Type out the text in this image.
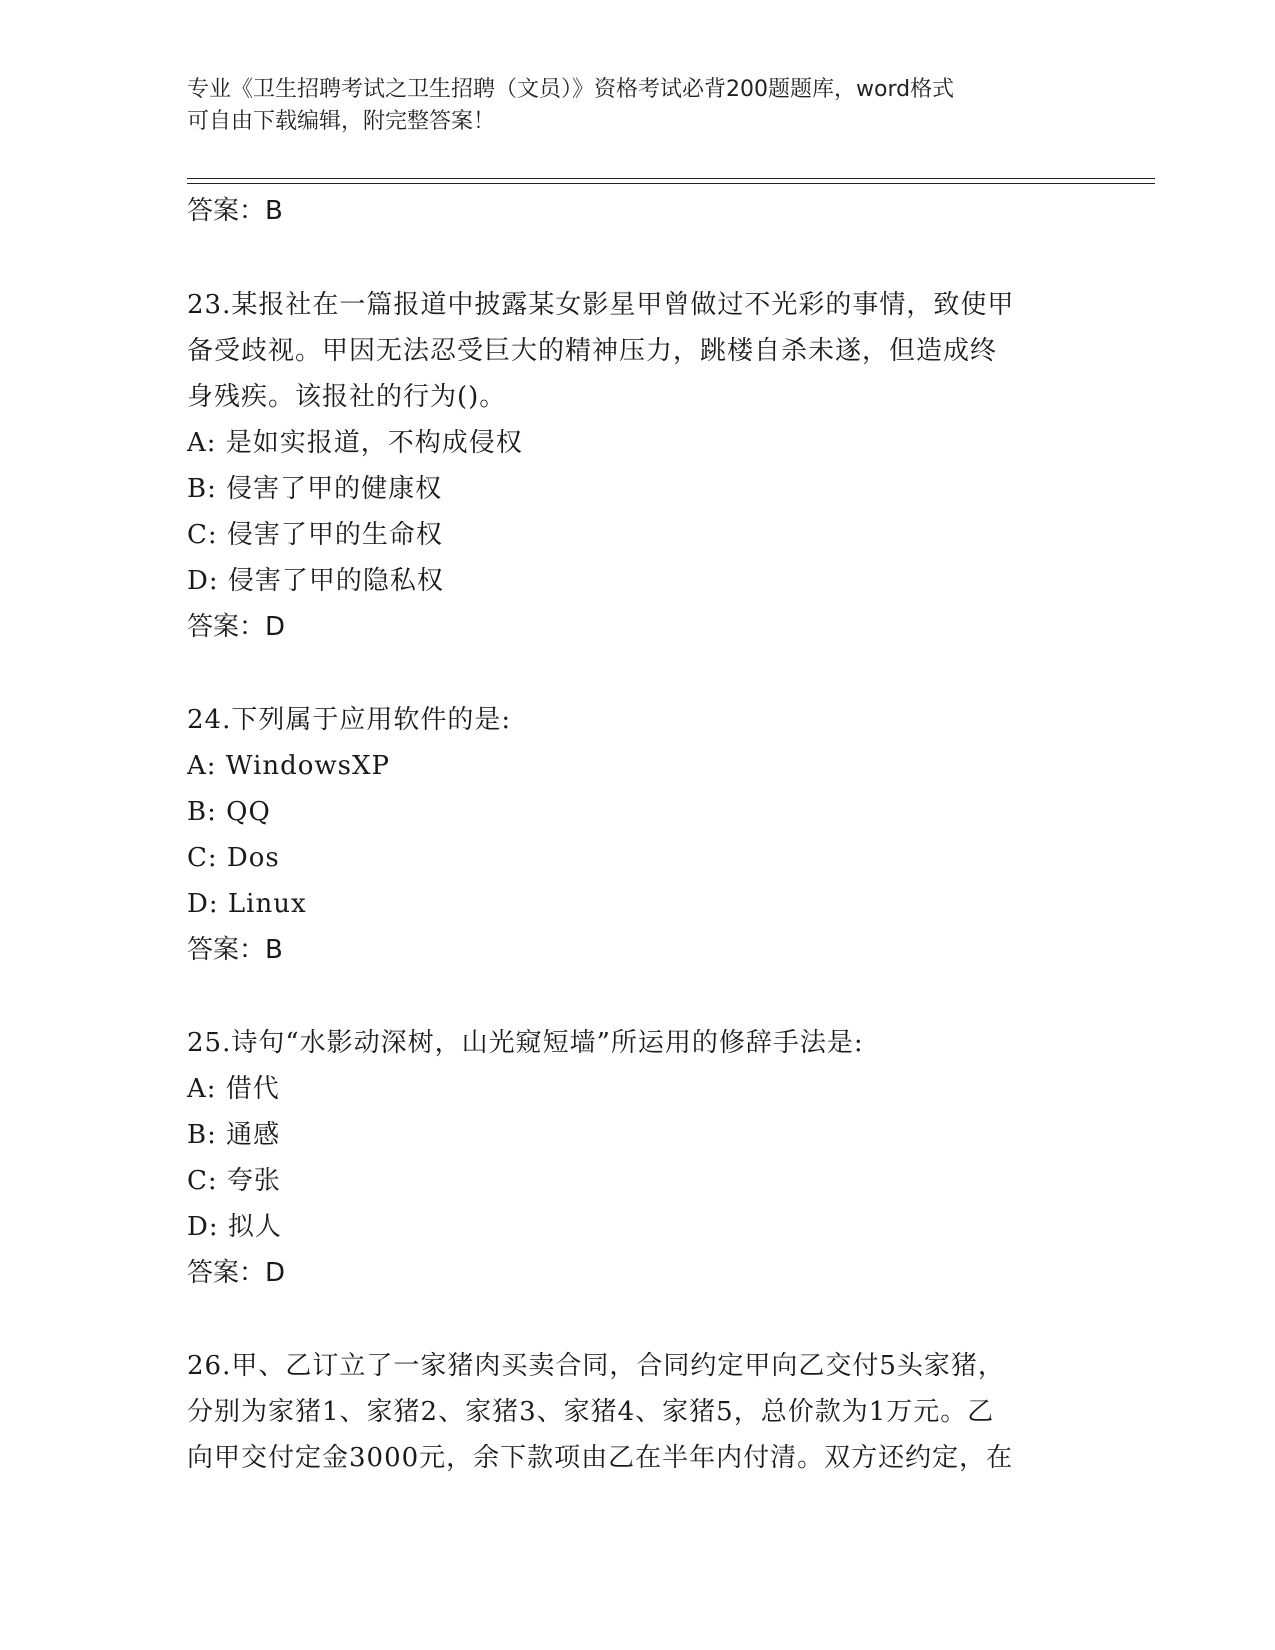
专业《卫生招聘考试之卫生招聘（文员）》资格考试必背200题题库，word格式
可自由下载编辑，附完整答案！
答案：B
23.某报社在一篇报道中披露某女影星甲曾做过不光彩的事情，致使甲
备受歧视。甲因无法忍受巨大的精神压力，跳楼自杀未遂，但造成终
身残疾。该报社的行为()。
A: 是如实报道，不构成侵权
B: 侵害了甲的健康权
C: 侵害了甲的生命权
D: 侵害了甲的隐私权
答案：D
24.下列属于应用软件的是:
A: WindowsXP
B: QQ
C: Dos
D: Linux
答案：B
25.诗句“水影动深树，山光窥短墙”所运用的修辞手法是:
A: 借代
B: 通感
C: 夸张
D: 拟人
答案：D
26.甲、乙订立了一家猪肉买卖合同，合同约定甲向乙交付5头家猪，
分别为家猪1、家猪2、家猪3、家猪4、家猪5，总价款为1万元。乙
向甲交付定金3000元，余下款项由乙在半年内付清。双方还约定，在
